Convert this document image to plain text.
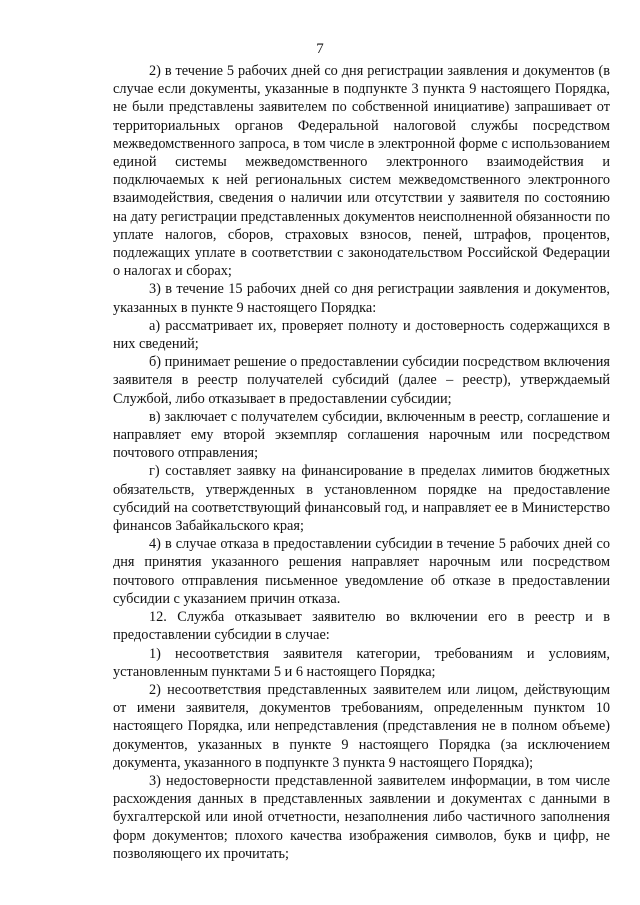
7

2) в течение 5 рабочих дней со дня регистрации заявления и документов (в случае если документы, указанные в подпункте 3 пункта 9 настоящего Порядка, не были представлены заявителем по собственной инициативе) запрашивает от территориальных органов Федеральной налоговой службы посредством межведомственного запроса, в том числе в электронной форме с использованием единой системы межведомственного электронного взаимодействия и подключаемых к ней региональных систем межведомственного электронного взаимодействия, сведения о наличии или отсутствии у заявителя по состоянию на дату регистрации представленных документов неисполненной обязанности по уплате налогов, сборов, страховых взносов, пеней, штрафов, процентов, подлежащих уплате в соответствии с законодательством Российской Федерации о налогах и сборах;

3) в течение 15 рабочих дней со дня регистрации заявления и документов, указанных в пункте 9 настоящего Порядка:

а) рассматривает их, проверяет полноту и достоверность содержащихся в них сведений;

б) принимает решение о предоставлении субсидии посредством включения заявителя в реестр получателей субсидий (далее – реестр), утверждаемый Службой, либо отказывает в предоставлении субсидии;

в) заключает с получателем субсидии, включенным в реестр, соглашение и направляет ему второй экземпляр соглашения нарочным или посредством почтового отправления;

г) составляет заявку на финансирование в пределах лимитов бюджетных обязательств, утвержденных в установленном порядке на предоставление субсидий на соответствующий финансовый год, и направляет ее в Министерство финансов Забайкальского края;

4) в случае отказа в предоставлении субсидии в течение 5 рабочих дней со дня принятия указанного решения направляет нарочным или посредством почтового отправления письменное уведомление об отказе в предоставлении субсидии с указанием причин отказа.

12. Служба отказывает заявителю во включении его в реестр и в предоставлении субсидии в случае:

1) несоответствия заявителя категории, требованиям и условиям, установленным пунктами 5 и 6 настоящего Порядка;

2) несоответствия представленных заявителем или лицом, действующим от имени заявителя, документов требованиям, определенным пунктом 10 настоящего Порядка, или непредставления (представления не в полном объеме) документов, указанных в пункте 9 настоящего Порядка (за исключением документа, указанного в подпункте 3 пункта 9 настоящего Порядка);

3) недостоверности представленной заявителем информации, в том числе расхождения данных в представленных заявлении и документах с данными в бухгалтерской или иной отчетности, незаполнения либо частичного заполнения форм документов; плохого качества изображения символов, букв и цифр, не позволяющего их прочитать;
